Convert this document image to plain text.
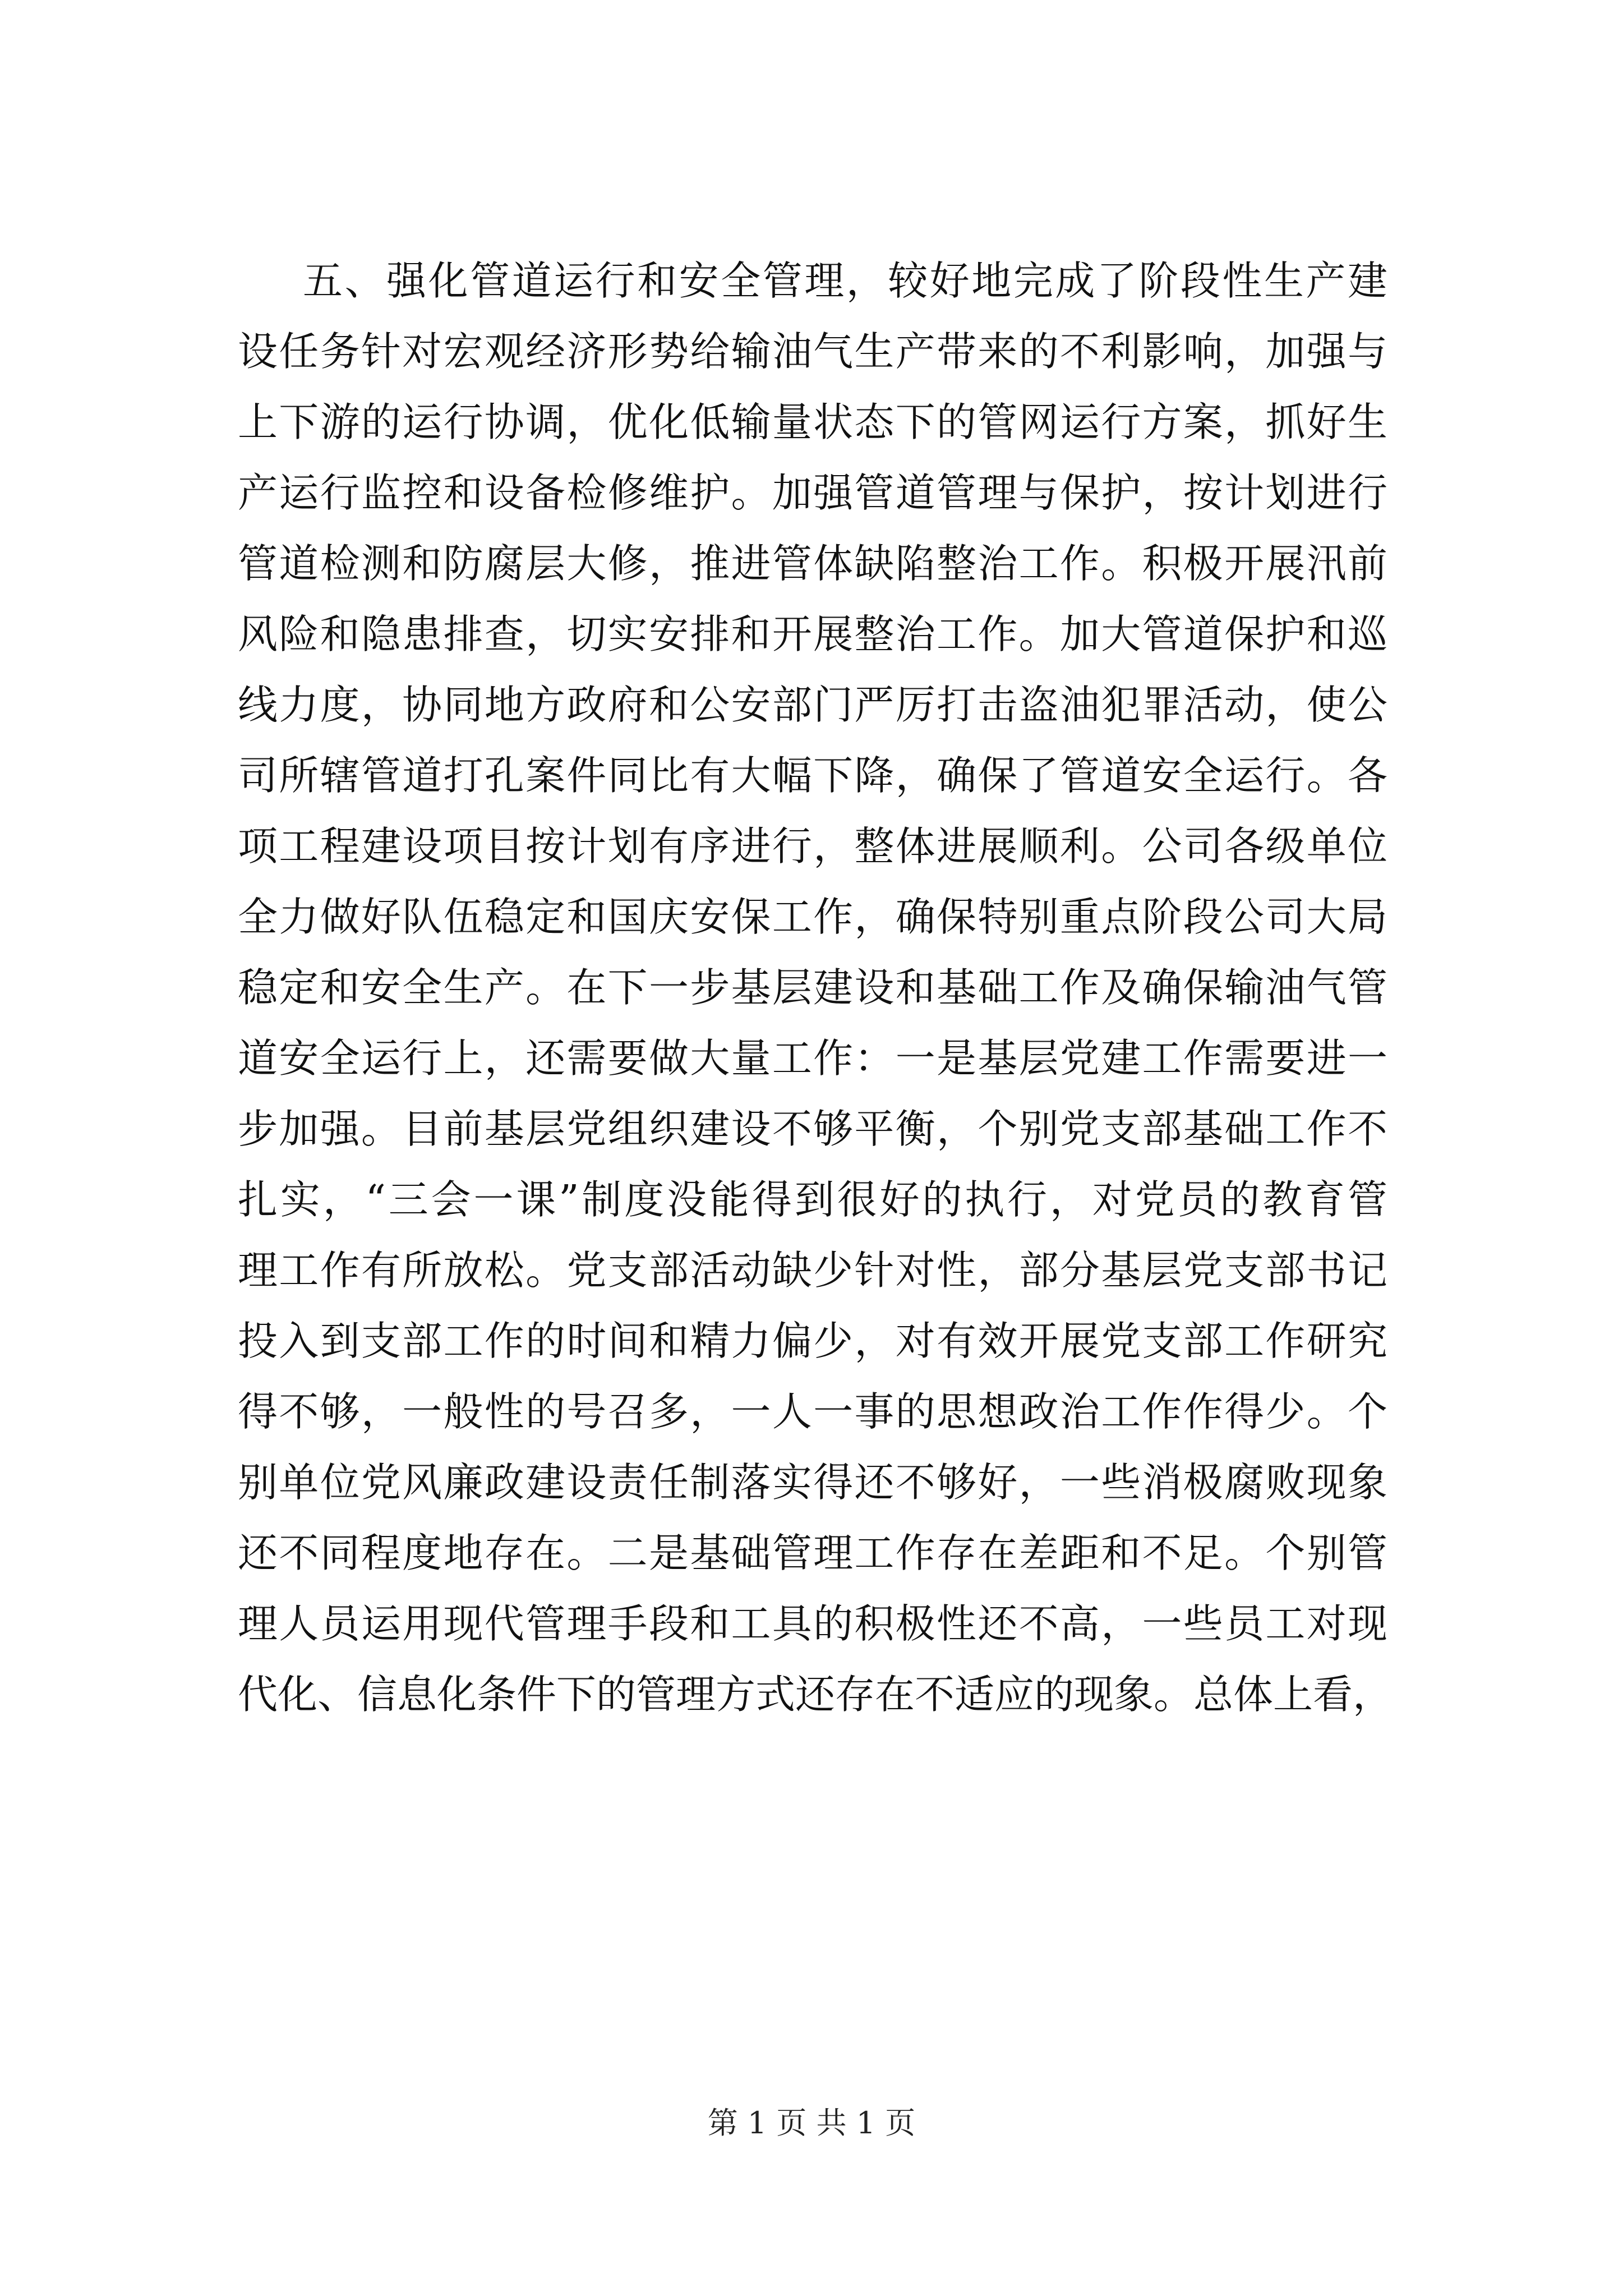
五、强化管道运行和安全管理，较好地完成了阶段性生产建
设任务针对宏观经济形势给输油气生产带来的不利影响，加强与
上下游的运行协调，优化低输量状态下的管网运行方案，抓好生
产运行监控和设备检修维护。加强管道管理与保护，按计划进行
管道检测和防腐层大修，推进管体缺陷整治工作。积极开展汛前
风险和隐患排查，切实安排和开展整治工作。加大管道保护和巡
线力度，协同地方政府和公安部门严厉打击盗油犯罪活动，使公
司所辖管道打孔案件同比有大幅下降，确保了管道安全运行。各
项工程建设项目按计划有序进行，整体进展顺利。公司各级单位
全力做好队伍稳定和国庆安保工作，确保特别重点阶段公司大局
稳定和安全生产。在下一步基层建设和基础工作及确保输油气管
道安全运行上，还需要做大量工作：一是基层党建工作需要进一
步加强。目前基层党组织建设不够平衡，个别党支部基础工作不
扎实，“三会一课”制度没能得到很好的执行，对党员的教育管
理工作有所放松。党支部活动缺少针对性，部分基层党支部书记
投入到支部工作的时间和精力偏少，对有效开展党支部工作研究
得不够，一般性的号召多，一人一事的思想政治工作作得少。个
别单位党风廉政建设责任制落实得还不够好，一些消极腐败现象
还不同程度地存在。二是基础管理工作存在差距和不足。个别管
理人员运用现代管理手段和工具的积极性还不高，一些员工对现
代化、信息化条件下的管理方式还存在不适应的现象。总体上看，
第 1 页 共 1 页
